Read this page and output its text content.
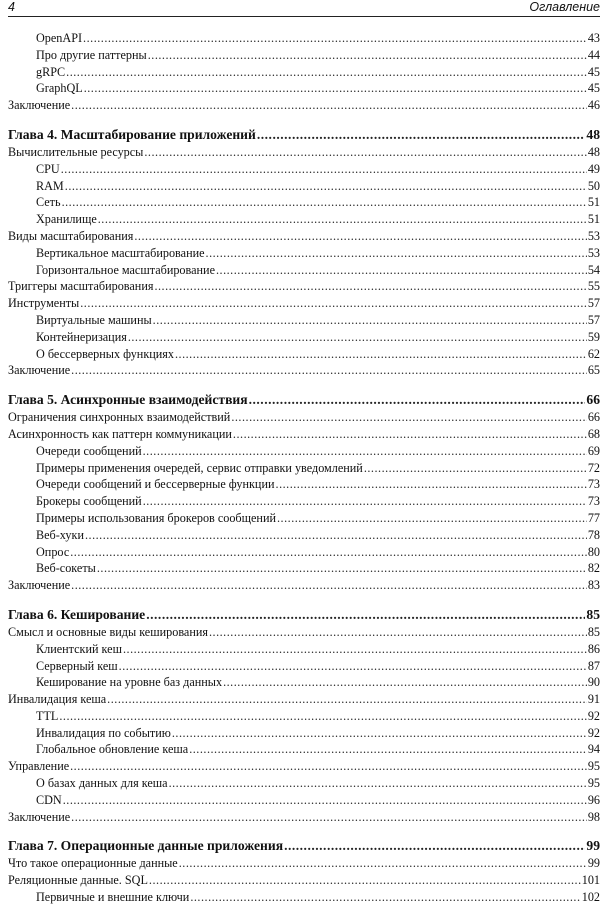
4	Оглавление
OpenAPI .....	43
Про другие паттерны .....	44
gRPC .....	45
GraphQL .....	45
Заключение .....	46
Глава 4. Масштабирование приложений .....	48
Вычислительные ресурсы .....	48
CPU .....	49
RAM .....	50
Сеть .....	51
Хранилище .....	51
Виды масштабирования .....	53
Вертикальное масштабирование .....	53
Горизонтальное масштабирование .....	54
Триггеры масштабирования .....	55
Инструменты .....	57
Виртуальные машины .....	57
Контейнеризация .....	59
О бессерверных функциях .....	62
Заключение .....	65
Глава 5. Асинхронные взаимодействия .....	66
Ограничения синхронных взаимодействий .....	66
Асинхронность как паттерн коммуникации .....	68
Очереди сообщений .....	69
Примеры применения очередей, сервис отправки уведомлений .....	72
Очереди сообщений и бессерверные функции .....	73
Брокеры сообщений .....	73
Примеры использования брокеров сообщений .....	77
Веб-хуки .....	78
Опрос .....	80
Веб-сокеты .....	82
Заключение .....	83
Глава 6. Кеширование .....	85
Смысл и основные виды кеширования .....	85
Клиентский кеш .....	86
Серверный кеш .....	87
Кеширование на уровне баз данных .....	90
Инвалидация кеша .....	91
TTL .....	92
Инвалидация по событию .....	92
Глобальное обновление кеша .....	94
Управление .....	95
О базах данных для кеша .....	95
CDN .....	96
Заключение .....	98
Глава 7. Операционные данные приложения .....	99
Что такое операционные данные .....	99
Реляционные данные. SQL .....	101
Первичные и внешние ключи .....	102
